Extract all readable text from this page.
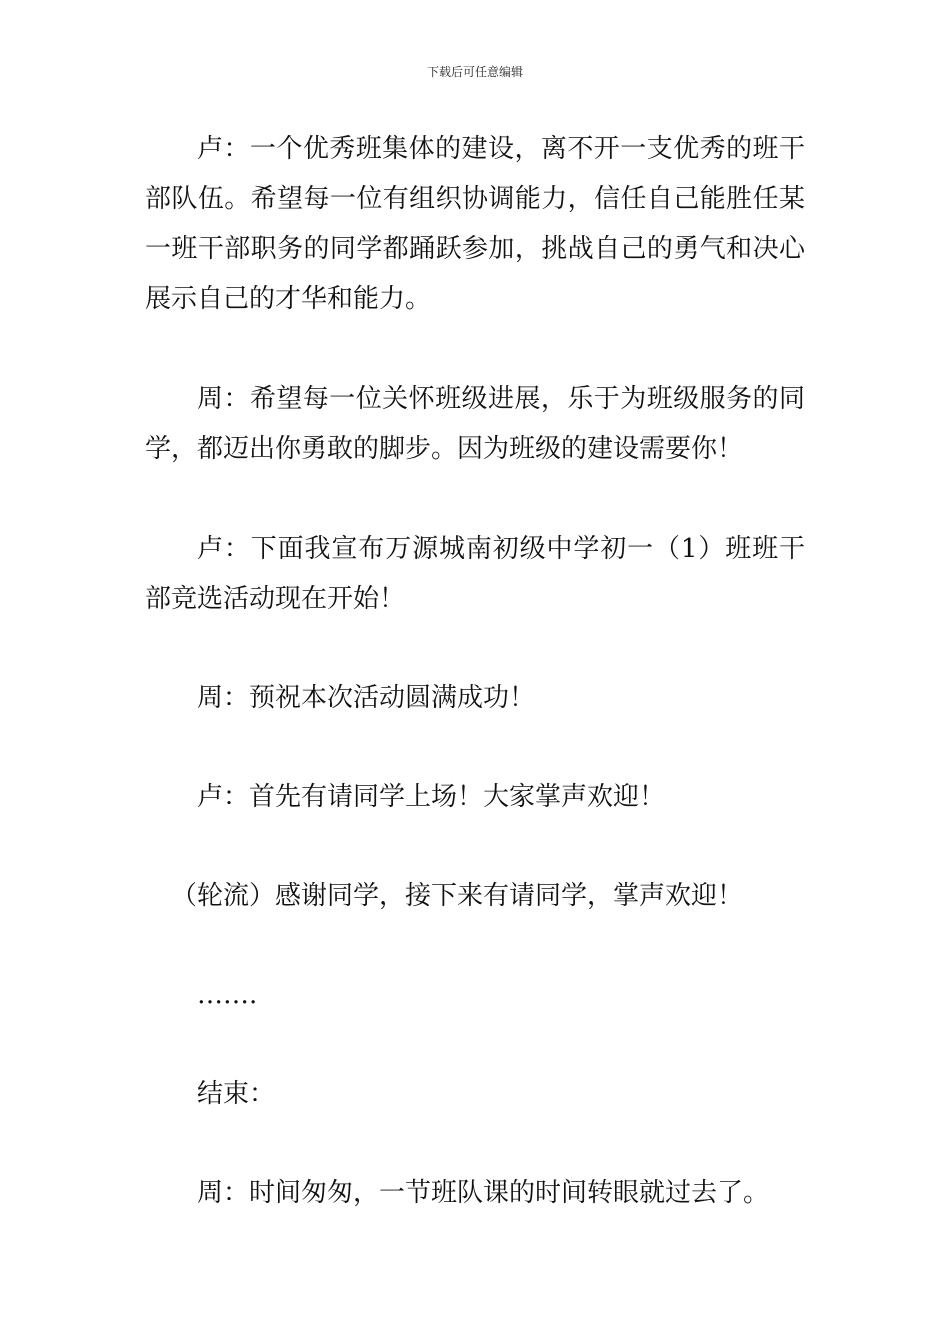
下载后可任意编辑

卢：一个优秀班集体的建设，离不开一支优秀的班干部队伍。希望每一位有组织协调能力，信任自己能胜任某一班干部职务的同学都踊跃参加，挑战自己的勇气和决心展示自己的才华和能力。

周：希望每一位关怀班级进展，乐于为班级服务的同学，都迈出你勇敢的脚步。因为班级的建设需要你！

卢：下面我宣布万源城南初级中学初一（1）班班干部竞选活动现在开始！

周：预祝本次活动圆满成功！

卢：首先有请同学上场！大家掌声欢迎！

（轮流）感谢同学，接下来有请同学，掌声欢迎！

…….

结束：

周：时间匆匆，一节班队课的时间转眼就过去了。
